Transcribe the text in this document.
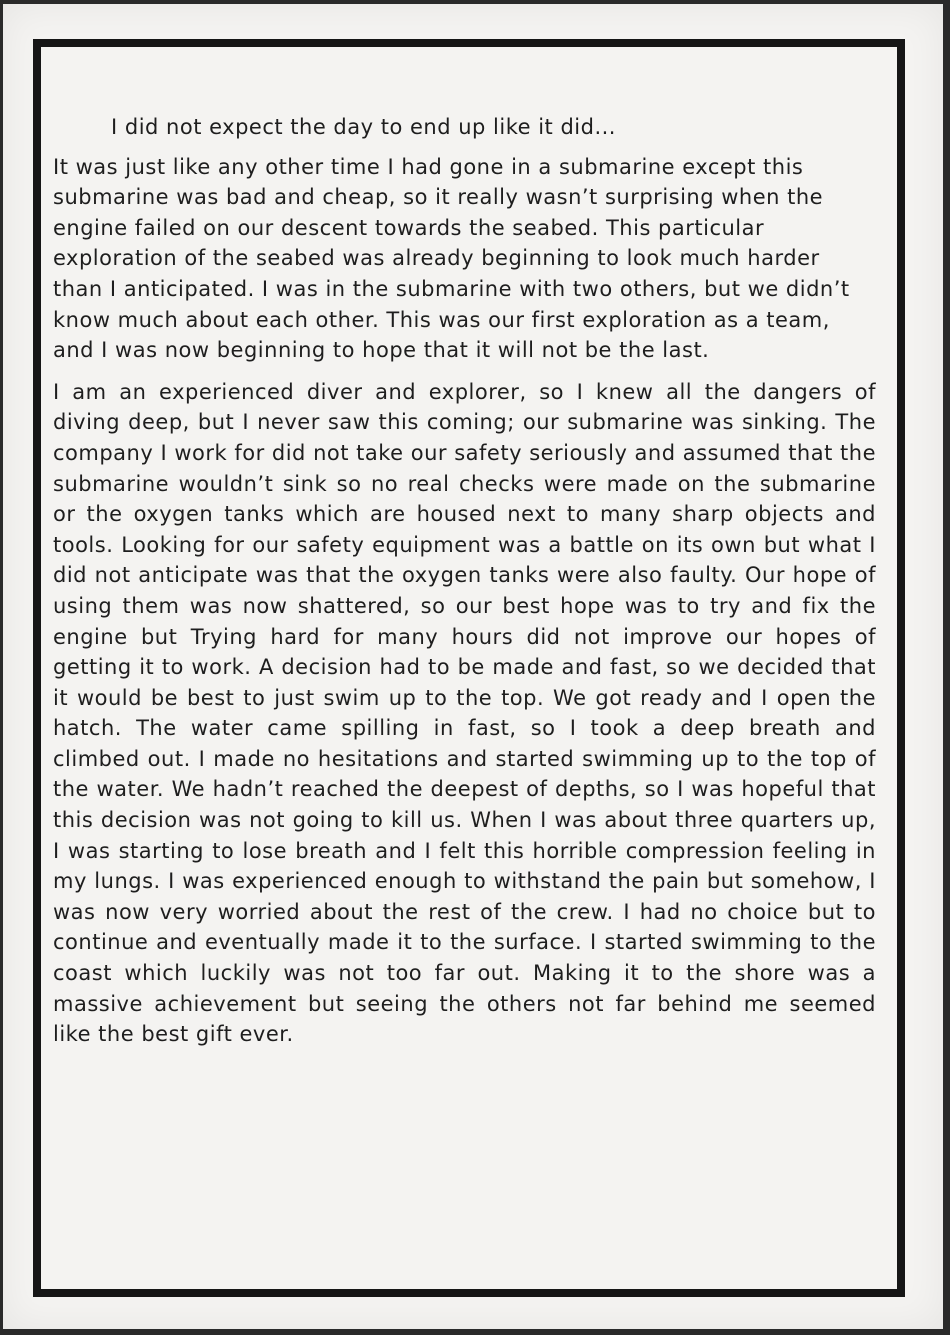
I did not expect the day to end up like it did...

It was just like any other time I had gone in a submarine except this submarine was bad and cheap, so it really wasn’t surprising when the engine failed on our descent towards the seabed. This particular exploration of the seabed was already beginning to look much harder than I anticipated. I was in the submarine with two others, but we didn’t know much about each other. This was our first exploration as a team, and I was now beginning to hope that it will not be the last.

I am an experienced diver and explorer, so I knew all the dangers of diving deep, but I never saw this coming; our submarine was sinking. The company I work for did not take our safety seriously and assumed that the submarine wouldn’t sink so no real checks were made on the submarine or the oxygen tanks which are housed next to many sharp objects and tools. Looking for our safety equipment was a battle on its own but what I did not anticipate was that the oxygen tanks were also faulty. Our hope of using them was now shattered, so our best hope was to try and fix the engine but Trying hard for many hours did not improve our hopes of getting it to work. A decision had to be made and fast, so we decided that it would be best to just swim up to the top. We got ready and I open the hatch. The water came spilling in fast, so I took a deep breath and climbed out. I made no hesitations and started swimming up to the top of the water. We hadn’t reached the deepest of depths, so I was hopeful that this decision was not going to kill us. When I was about three quarters up, I was starting to lose breath and I felt this horrible compression feeling in my lungs. I was experienced enough to withstand the pain but somehow, I was now very worried about the rest of the crew. I had no choice but to continue and eventually made it to the surface. I started swimming to the coast which luckily was not too far out. Making it to the shore was a massive achievement but seeing the others not far behind me seemed like the best gift ever.
